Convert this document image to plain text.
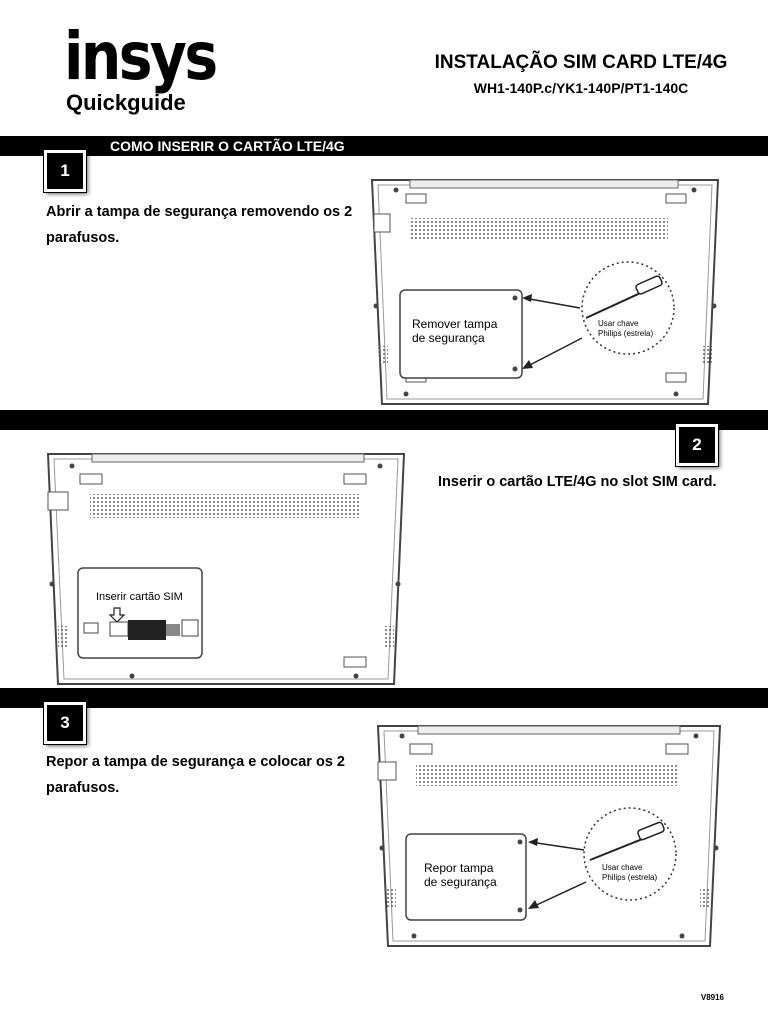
insys
Quickguide
INSTALAÇÃO SIM CARD LTE/4G
WH1-140P.c/YK1-140P/PT1-140C
COMO INSERIR O CARTÃO LTE/4G
1
Abrir a tampa de segurança removendo os 2 parafusos.
Remover tampa
de segurança
Usar chave
Philips (estrela)
2
Inserir o cartão LTE/4G no slot SIM card.
Inserir cartão SIM
3
Repor a tampa de segurança e colocar os 2 parafusos.
Repor tampa
de segurança
Usar chave
Philips (estrela)
V8916
